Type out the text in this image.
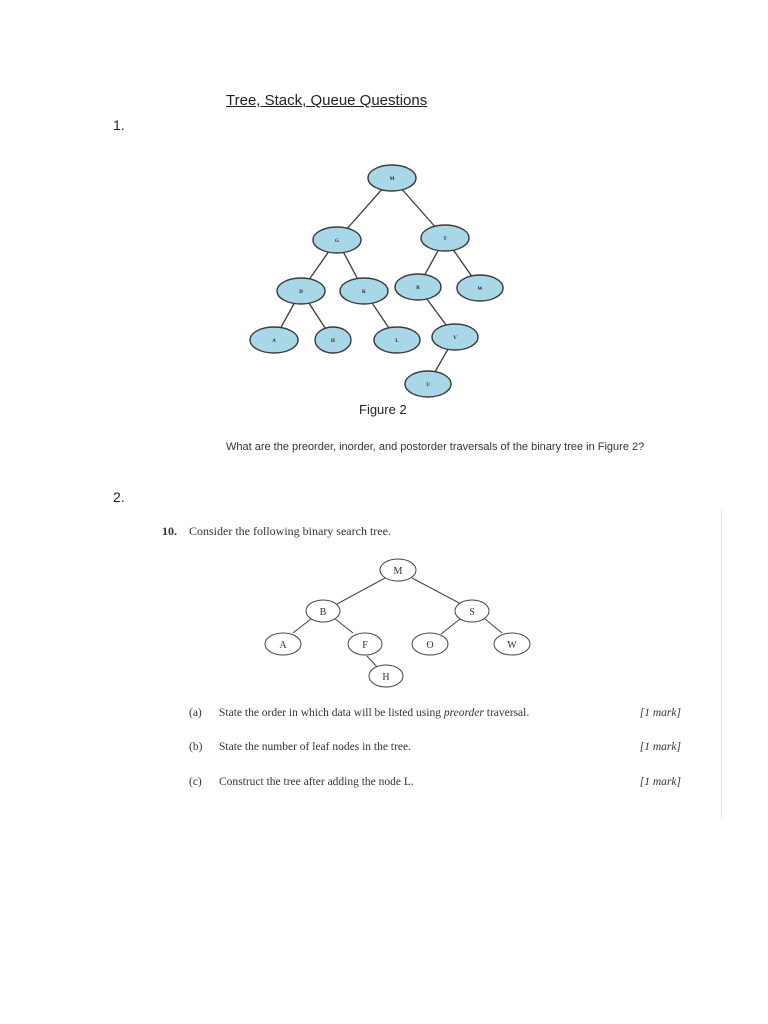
Tree, Stack, Queue Questions
1.
M
G	T
D	K
R	W
A	H	L
V
U
M
B	S
A	F	O	W
H
Figure 2
What are the preorder, inorder, and postorder traversals of the binary tree in Figure 2?
2.
10. Consider the following binary search tree.
(a) State the order in which data will be listed using preorder traversal.	[1 mark]
(b) State the number of leaf nodes in the tree.	[1 mark]
(c) Construct the tree after adding the node L.	[1 mark]
